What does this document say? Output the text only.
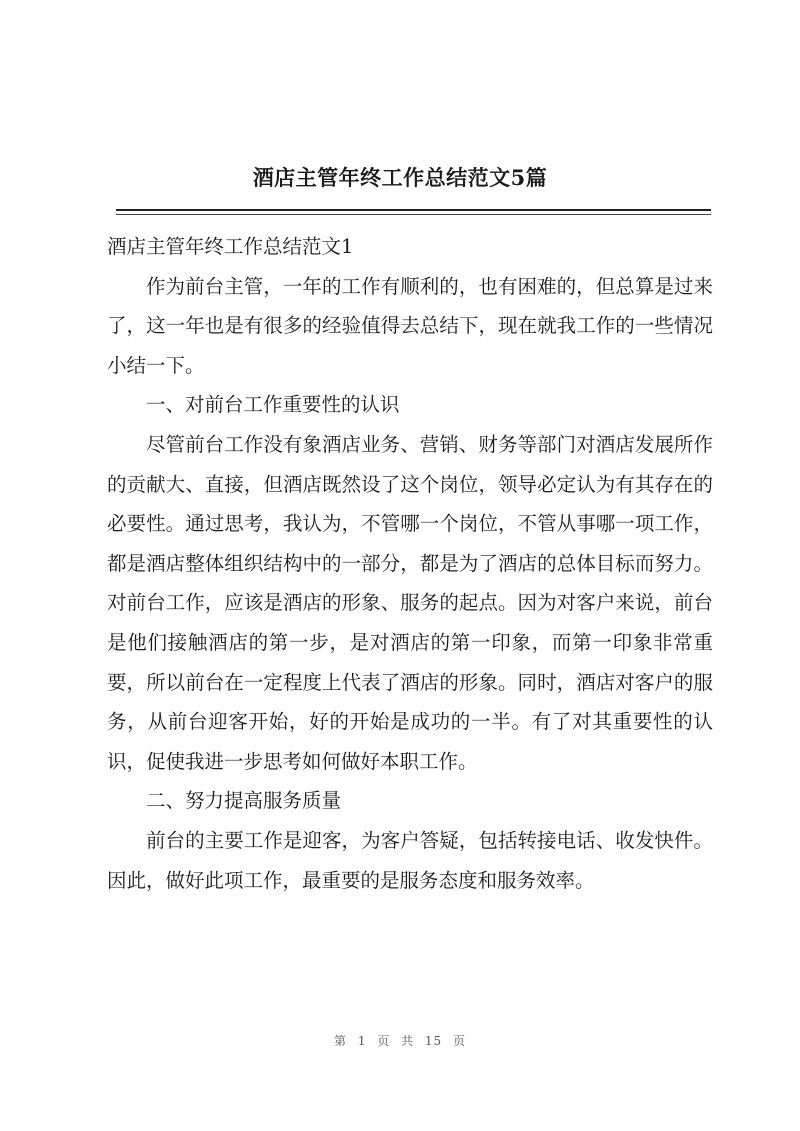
酒店主管年终工作总结范文5篇

酒店主管年终工作总结范文1

作为前台主管，一年的工作有顺利的，也有困难的，但总算是过来了，这一年也是有很多的经验值得去总结下，现在就我工作的一些情况小结一下。

一、对前台工作重要性的认识

尽管前台工作没有象酒店业务、营销、财务等部门对酒店发展所作的贡献大、直接，但酒店既然设了这个岗位，领导必定认为有其存在的必要性。通过思考，我认为，不管哪一个岗位，不管从事哪一项工作，都是酒店整体组织结构中的一部分，都是为了酒店的总体目标而努力。对前台工作，应该是酒店的形象、服务的起点。因为对客户来说，前台是他们接触酒店的第一步，是对酒店的第一印象，而第一印象非常重要，所以前台在一定程度上代表了酒店的形象。同时，酒店对客户的服务，从前台迎客开始，好的开始是成功的一半。有了对其重要性的认识，促使我进一步思考如何做好本职工作。

二、努力提高服务质量

前台的主要工作是迎客，为客户答疑，包括转接电话、收发快件。因此，做好此项工作，最重要的是服务态度和服务效率。

第 1 页 共 15 页
